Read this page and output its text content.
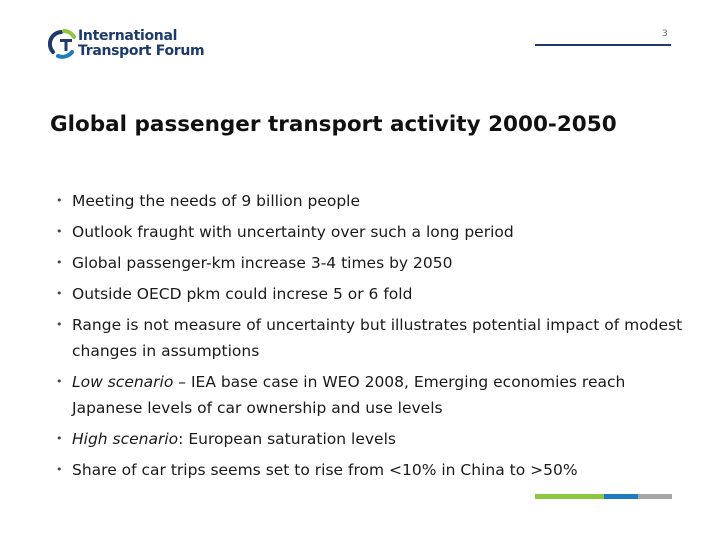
International
Transport Forum
3
Global passenger transport activity 2000-2050
• Meeting the needs of 9 billion people
• Outlook fraught with uncertainty over such a long period
• Global passenger-km increase 3-4 times by 2050
• Outside OECD pkm could increse 5 or 6 fold
• Range is not measure of uncertainty but illustrates potential impact of modest changes in assumptions
• Low scenario – IEA base case in WEO 2008, Emerging economies reach Japanese levels of car ownership and use levels
• High scenario: European saturation levels
• Share of car trips seems set to rise from <10% in China to >50%
